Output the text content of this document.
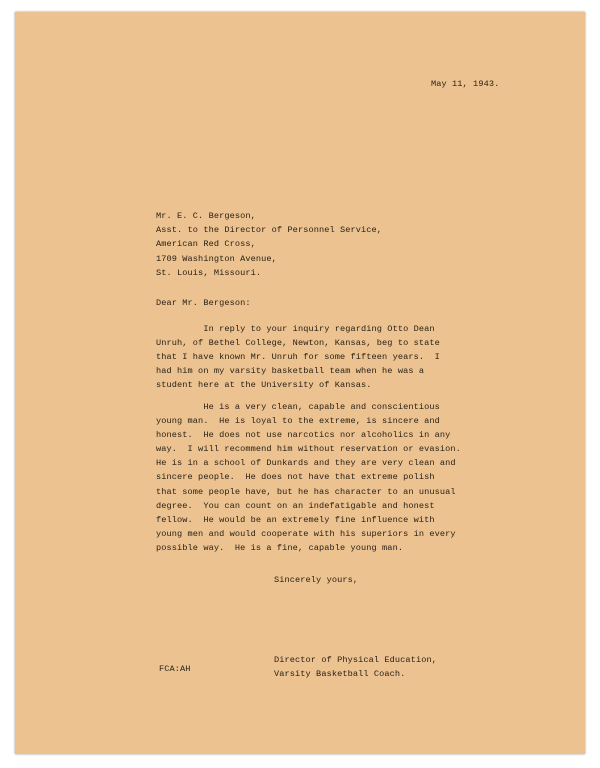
May 11, 1943.
Mr. E. C. Bergeson,
Asst. to the Director of Personnel Service,
American Red Cross,
1709 Washington Avenue,
St. Louis, Missouri.
Dear Mr. Bergeson:
In reply to your inquiry regarding Otto Dean
Unruh, of Bethel College, Newton, Kansas, beg to state
that I have known Mr. Unruh for some fifteen years.  I
had him on my varsity basketball team when he was a
student here at the University of Kansas.
He is a very clean, capable and conscientious
young man.  He is loyal to the extreme, is sincere and
honest.  He does not use narcotics nor alcoholics in any
way.  I will recommend him without reservation or evasion.
He is in a school of Dunkards and they are very clean and
sincere people.  He does not have that extreme polish
that some people have, but he has character to an unusual
degree.  You can count on an indefatigable and honest
fellow.  He would be an extremely fine influence with
young men and would cooperate with his superiors in every
possible way.  He is a fine, capable young man.
Sincerely yours,
Director of Physical Education,
Varsity Basketball Coach.
FCA:AH
